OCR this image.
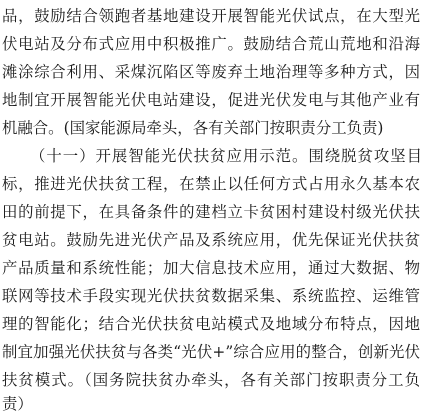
品，鼓励结合领跑者基地建设开展智能光伏试点，在大型光
伏电站及分布式应用中积极推广。鼓励结合荒山荒地和沿海
滩涂综合利用、采煤沉陷区等废弃土地治理等多种方式，因
地制宜开展智能光伏电站建设，促进光伏发电与其他产业有
机融合。(国家能源局牵头，各有关部门按职责分工负责)
（十一）开展智能光伏扶贫应用示范。围绕脱贫攻坚目
标，推进光伏扶贫工程，在禁止以任何方式占用永久基本农
田的前提下，在具备条件的建档立卡贫困村建设村级光伏扶
贫电站。鼓励先进光伏产品及系统应用，优先保证光伏扶贫
产品质量和系统性能；加大信息技术应用，通过大数据、物
联网等技术手段实现光伏扶贫数据采集、系统监控、运维管
理的智能化；结合光伏扶贫电站模式及地域分布特点，因地
制宜加强光伏扶贫与各类“光伏+”综合应用的整合，创新光伏
扶贫模式。（国务院扶贫办牵头，各有关部门按职责分工负
责）
